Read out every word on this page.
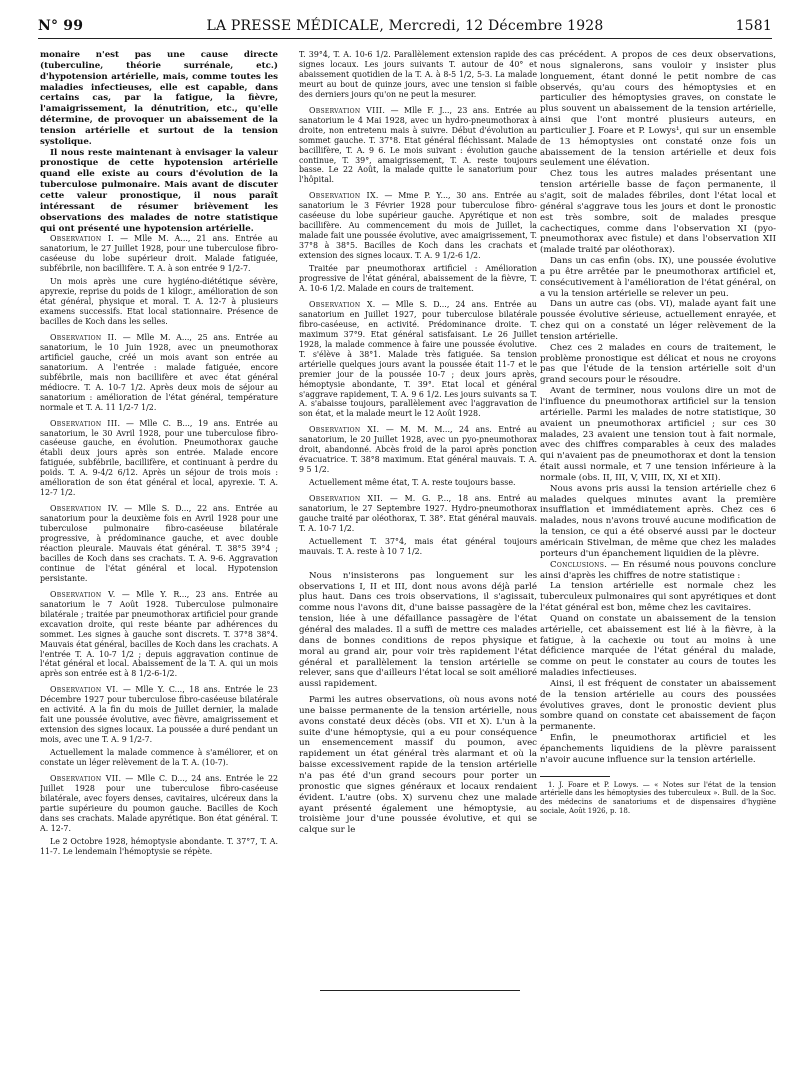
N° 99	LA PRESSE MÉDICALE, Mercredi, 12 Décembre 1928	1581

monaire n'est pas une cause directe (tuberculine, théorie surrénale, etc.) d'hypotension artérielle, mais, comme toutes les maladies infectieuses, elle est capable, dans certains cas, par la fatigue, la fièvre, l'amaigrissement, la dénutrition, etc., qu'elle détermine, de provoquer un abaissement de la tension artérielle et surtout de la tension systolique.

Il nous reste maintenant à envisager la valeur pronostique de cette hypotension artérielle quand elle existe au cours d'évolution de la tuberculose pulmonaire. Mais avant de discuter cette valeur pronostique, il nous paraît intéressant de résumer brièvement les observations des malades de notre statistique qui ont présenté une hypotension artérielle.

Observation I. — Mlle M. A..., 21 ans. Entrée au sanatorium, le 27 Juillet 1928, pour une tuberculose fibro-caséeuse du lobe supérieur droit. Malade fatiguée, subfébrile, non bacillifère. T. A. à son entrée 9 1/2-7.

Un mois après une cure hygiéno-diététique sévère, apyrexie, reprise du poids de 1 kilogr., amélioration de son état général, physique et moral. T. A. 12-7 à plusieurs examens successifs. Etat local stationnaire. Présence de bacilles de Koch dans les selles.

Observation II. — Mlle M. A..., 25 ans. Entrée au sanatorium, le 10 Juin 1928, avec un pneumothorax artificiel gauche, créé un mois avant son entrée au sanatorium. A l'entrée : malade fatiguée, encore subfébrile, mais non bacillifère et avec état général médiocre. T. A. 10-7 1/2. Après deux mois de séjour au sanatorium : amélioration de l'état général, température normale et T. A. 11 1/2-7 1/2.

Observation III. — Mlle C. B..., 19 ans. Entrée au sanatorium, le 30 Avril 1928, pour une tuberculose fibro-caséeuse gauche, en évolution. Pneumothorax gauche établi deux jours après son entrée. Malade encore fatiguée, subfébrile, bacillifère, et continuant à perdre du poids. T. A. 9-4/2 6/12. Après un séjour de trois mois : amélioration de son état général et local, apyrexie. T. A. 12-7 1/2.

Observation IV. — Mlle S. D..., 22 ans. Entrée au sanatorium pour la deuxième fois en Avril 1928 pour une tuberculose pulmonaire fibro-caséeuse bilatérale progressive, à prédominance gauche, et avec double réaction pleurale. Mauvais état général. T. 38°5 39°4 ; bacilles de Koch dans ses crachats. T. A. 9-6. Aggravation continue de l'état général et local. Hypotension persistante.

Observation V. — Mlle Y. R..., 23 ans. Entrée au sanatorium le 7 Août 1928. Tuberculose pulmonaire bilatérale ; traitée par pneumothorax artificiel pour grande excavation droite, qui reste béante par adhérences du sommet. Les signes à gauche sont discrets. T. 37°8 38°4. Mauvais état général, bacilles de Koch dans les crachats. A l'entrée T. A. 10-7 1/2 ; depuis aggravation continue de l'état général et local. Abaissement de la T. A. qui un mois après son entrée est à 8 1/2-6-1/2.

Observation VI. — Mlle Y. C..., 18 ans. Entrée le 23 Décembre 1927 pour tuberculose fibro-caséeuse bilatérale en activité. A la fin du mois de Juillet dernier, la malade fait une poussée évolutive, avec fièvre, amaigrissement et extension des signes locaux. La poussée a duré pendant un mois, avec une T. A. 9 1/2-7.

Actuellement la malade commence à s'améliorer, et on constate un léger relèvement de la T. A. (10-7).

Observation VII. — Mlle C. D..., 24 ans. Entrée le 22 Juillet 1928 pour une tuberculose fibro-caséeuse bilatérale, avec foyers denses, cavitaires, ulcéreux dans la partie supérieure du poumon gauche. Bacilles de Koch dans ses crachats. Malade apyrétique. Bon état général. T. A. 12-7.

Le 2 Octobre 1928, hémoptysie abondante. T. 37°7, T. A. 11-7. Le lendemain l'hémoptysie se répète.

T. 39°4, T. A. 10-6 1/2. Parallèlement extension rapide des signes locaux. Les jours suivants T. autour de 40° et abaissement quotidien de la T. A. à 8-5 1/2, 5-3. La malade meurt au bout de quinze jours, avec une tension si faible des derniers jours qu'on ne peut la mesurer.

Observation VIII. — Mlle F. J..., 23 ans. Entrée au sanatorium le 4 Mai 1928, avec un hydro-pneumothorax à droite, non entretenu mais à suivre. Début d'évolution au sommet gauche. T. 37°8. Etat général fléchissant. Malade bacillifère, T. A. 9 6. Le mois suivant : évolution gauche continue, T. 39°, amaigrissement, T. A. reste toujours basse. Le 22 Août, la malade quitte le sanatorium pour l'hôpital.

Observation IX. — Mme P. Y..., 30 ans. Entrée au sanatorium le 3 Février 1928 pour tuberculose fibro-caséeuse du lobe supérieur gauche. Apyrétique et non bacillifère. Au commencement du mois de Juillet, la malade fait une poussée évolutive, avec amaigrissement, T. 37°8 à 38°5. Bacilles de Koch dans les crachats et extension des signes locaux. T. A. 9 1/2-6 1/2.

Traitée par pneumothorax artificiel : Amélioration progressive de l'état général, abaissement de la fièvre, T. A. 10-6 1/2. Malade en cours de traitement.

Observation X. — Mlle S. D..., 24 ans. Entrée au sanatorium en Juillet 1927, pour tuberculose bilatérale fibro-caséeuse, en activité. Prédominance droite. T. maximum 37°9. Etat général satisfaisant. Le 26 Juillet 1928, la malade commence à faire une poussée évolutive. T. s'élève à 38°1. Malade très fatiguée. Sa tension artérielle quelques jours avant la poussée était 11-7 et le premier jour de la poussée 10-7 ; deux jours après, hémoptysie abondante, T. 39°. Etat local et général s'aggrave rapidement, T. A. 9 6 1/2. Les jours suivants sa T. A. s'abaisse toujours, parallèlement avec l'aggravation de son état, et la malade meurt le 12 Août 1928.

Observation XI. — M. M. M..., 24 ans. Entré au sanatorium, le 20 Juillet 1928, avec un pyo-pneumothorax droit, abandonné. Abcès froid de la paroi après ponction évacuatrice. T. 38°8 maximum. Etat général mauvais. T. A. 9 5 1/2.

Actuellement même état, T. A. reste toujours basse.

Observation XII. — M. G. P..., 18 ans. Entré au sanatorium, le 27 Septembre 1927. Hydro-pneumothorax gauche traité par oléothorax, T. 38°. Etat général mauvais. T. A. 10-7 1/2.

Actuellement T. 37°4, mais état général toujours mauvais. T. A. reste à 10 7 1/2.

Nous n'insisterons pas longuement sur les observations I, II et III, dont nous avons déjà parlé plus haut. Dans ces trois observations, il s'agissait, comme nous l'avons dit, d'une baisse passagère de la tension, liée à une défaillance passagère de l'état général des malades. Il a suffi de mettre ces malades dans de bonnes conditions de repos physique et moral au grand air, pour voir très rapidement l'état général et parallèlement la tension artérielle se relever, sans que d'ailleurs l'état local se soit amélioré aussi rapidement.

Parmi les autres observations, où nous avons noté une baisse permanente de la tension artérielle, nous avons constaté deux décès (obs. VII et X). L'un à la suite d'une hémoptysie, qui a eu pour conséquence un ensemencement massif du poumon, avec rapidement un état général très alarmant et où la baisse excessivement rapide de la tension artérielle n'a pas été d'un grand secours pour porter un pronostic que signes généraux et locaux rendaient évident. L'autre (obs. X) survenu chez une malade ayant présenté également une hémoptysie, au troisième jour d'une poussée évolutive, et qui se calque sur le

cas précédent. A propos de ces deux observations, nous signalerons, sans vouloir y insister plus longuement, étant donné le petit nombre de cas observés, qu'au cours des hémoptysies et en particulier des hémoptysies graves, on constate le plus souvent un abaissement de la tension artérielle, ainsi que l'ont montré plusieurs auteurs, en particulier J. Foare et P. Lowys¹, qui sur un ensemble de 13 hémoptysies ont constaté onze fois un abaissement de la tension artérielle et deux fois seulement une élévation.

Chez tous les autres malades présentant une tension artérielle basse de façon permanente, il s'agit, soit de malades fébriles, dont l'état local et général s'aggrave tous les jours et dont le pronostic est très sombre, soit de malades presque cachectiques, comme dans l'observation XI (pyo-pneumothorax avec fistule) et dans l'observation XII (malade traité par oléothorax).

Dans un cas enfin (obs. IX), une poussée évolutive a pu être arrêtée par le pneumothorax artificiel et, consécutivement à l'amélioration de l'état général, on a vu la tension artérielle se relever un peu.

Dans un autre cas (obs. VI), malade ayant fait une poussée évolutive sérieuse, actuellement enrayée, et chez qui on a constaté un léger relèvement de la tension artérielle.

Chez ces 2 malades en cours de traitement, le problème pronostique est délicat et nous ne croyons pas que l'étude de la tension artérielle soit d'un grand secours pour le résoudre.

Avant de terminer, nous voulons dire un mot de l'influence du pneumothorax artificiel sur la tension artérielle. Parmi les malades de notre statistique, 30 avaient un pneumothorax artificiel ; sur ces 30 malades, 23 avaient une tension tout à fait normale, avec des chiffres comparables à ceux des malades qui n'avaient pas de pneumothorax et dont la tension était aussi normale, et 7 une tension inférieure à la normale (obs. II, III, V, VIII, IX, XI et XII).

Nous avons pris aussi la tension artérielle chez 6 malades quelques minutes avant la première insufflation et immédiatement après. Chez ces 6 malades, nous n'avons trouvé aucune modification de la tension, ce qui a été observé aussi par le docteur américain Stivelman, de même que chez les malades porteurs d'un épanchement liquidien de la plèvre.

Conclusions. — En résumé nous pouvons conclure ainsi d'après les chiffres de notre statistique :

La tension artérielle est normale chez les tuberculeux pulmonaires qui sont apyrétiques et dont l'état général est bon, même chez les cavitaires.

Quand on constate un abaissement de la tension artérielle, cet abaissement est lié à la fièvre, à la fatigue, à la cachexie ou tout au moins à une déficience marquée de l'état général du malade, comme on peut le constater au cours de toutes les maladies infectieuses.

Ainsi, il est fréquent de constater un abaissement de la tension artérielle au cours des poussées évolutives graves, dont le pronostic devient plus sombre quand on constate cet abaissement de façon permanente.

Enfin, le pneumothorax artificiel et les épanchements liquidiens de la plèvre paraissent n'avoir aucune influence sur la tension artérielle.

1. J. Foare et P. Lowys. — « Notes sur l'état de la tension artérielle dans les hémoptysies des tuberculeux ». Bull. de la Soc. des médecins de sanatoriums et de dispensaires d'hygiène sociale, Août 1926, p. 18.
